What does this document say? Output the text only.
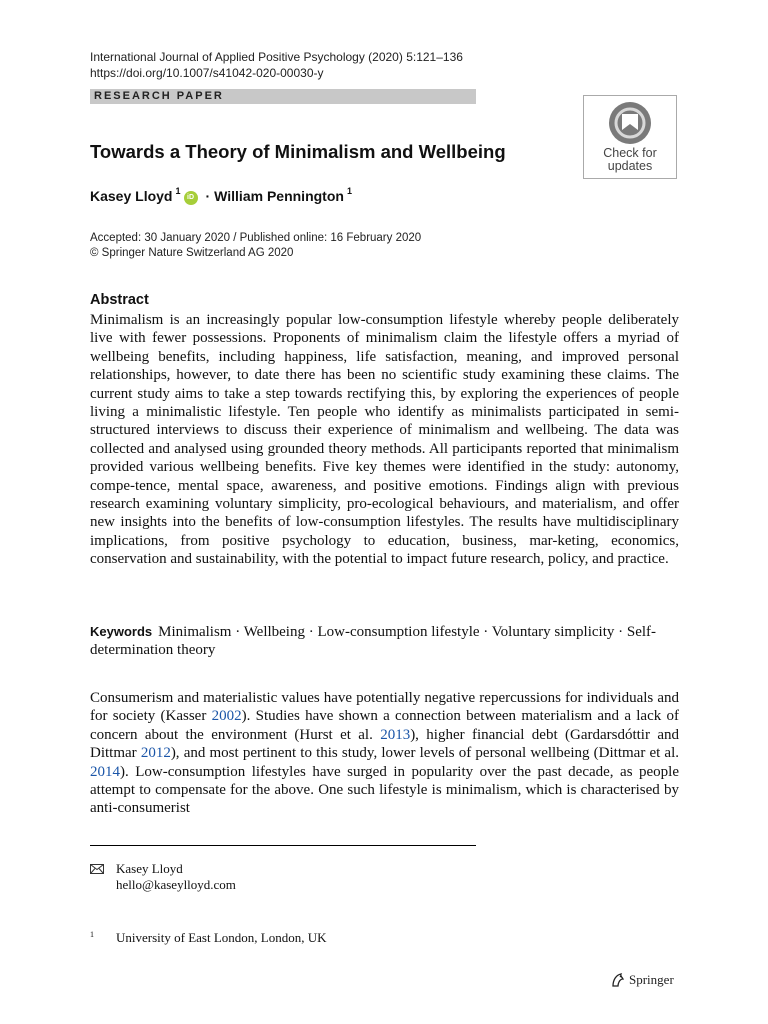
International Journal of Applied Positive Psychology (2020) 5:121–136
https://doi.org/10.1007/s41042-020-00030-y
RESEARCH PAPER
Check for
updates
Towards a Theory of Minimalism and Wellbeing
Kasey Lloyd $^1$
iD · William Pennington $^1$
Accepted: 30 January 2020 / Published online: 16 February 2020
© Springer Nature Switzerland AG 2020
Abstract

Minimalism is an increasingly popular low-consumption lifestyle whereby people deliberately live with fewer possessions. Proponents of minimalism claim the lifestyle offers a myriad of wellbeing benefits, including happiness, life satisfaction, meaning, and improved personal relationships, however, to date there has been no scientific study examining these claims. The current study aims to take a step towards rectifying this, by exploring the experiences of people living a minimalistic lifestyle. Ten people who identify as minimalists participated in semi-structured interviews to discuss their experience of minimalism and wellbeing. The data was collected and analysed using grounded theory methods. All participants reported that minimalism provided various wellbeing benefits. Five key themes were identified in the study: autonomy, compe-tence, mental space, awareness, and positive emotions. Findings align with previous research examining voluntary simplicity, pro-ecological behaviours, and materialism, and offer new insights into the benefits of low-consumption lifestyles. The results have multidisciplinary implications, from positive psychology to education, business, mar-keting, economics, conservation and sustainability, with the potential to impact future research, policy, and practice.

Keywords Minimalism · Wellbeing · Low-consumption lifestyle · Voluntary simplicity · Self-determination theory

Consumerism and materialistic values have potentially negative repercussions for individuals and for society (Kasser 2002). Studies have shown a connection between materialism and a lack of concern about the environment (Hurst et al. 2013), higher financial debt (Gardarsdóttir and Dittmar 2012), and most pertinent to this study, lower levels of personal wellbeing (Dittmar et al. 2014). Low-consumption lifestyles have surged in popularity over the past decade, as people attempt to compensate for the above. One such lifestyle is minimalism, which is characterised by anti-consumerist

Kasey Lloyd
hello@kaseylloyd.com
1 University of East London, London, UK
Springer
